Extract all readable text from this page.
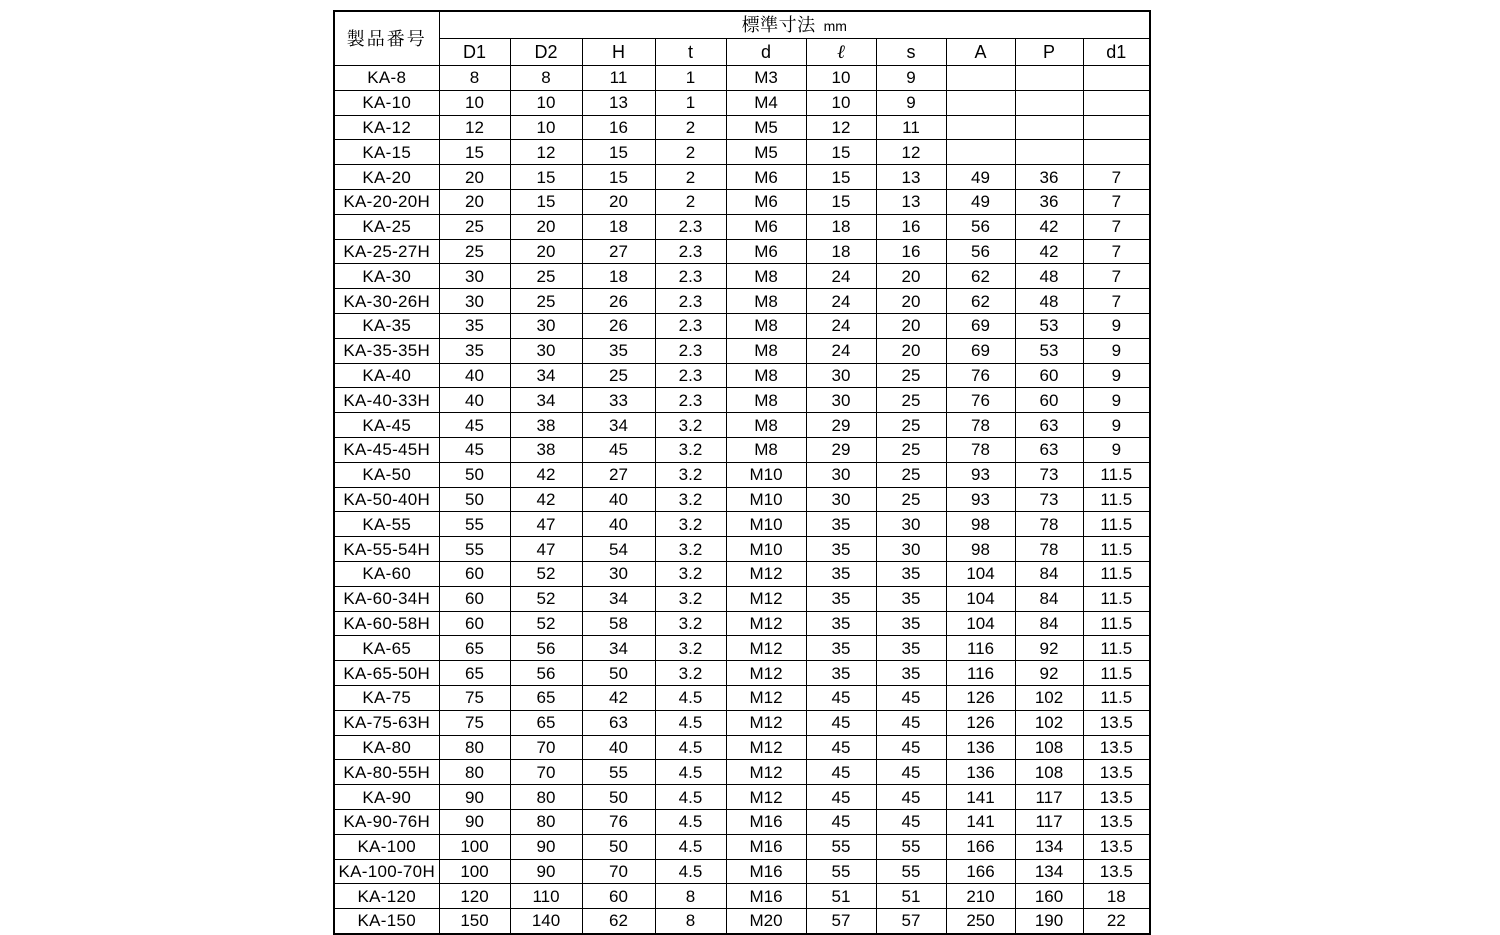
製品番号	標準寸法 mm									
	D1	D2	H	t	d	ℓ	s	A	P	d1
KA-8	8	8	11	1	M3	10	9			
KA-10	10	10	13	1	M4	10	9			
KA-12	12	10	16	2	M5	12	11			
KA-15	15	12	15	2	M5	15	12			
KA-20	20	15	15	2	M6	15	13	49	36	7
KA-20-20H	20	15	20	2	M6	15	13	49	36	7
KA-25	25	20	18	2.3	M6	18	16	56	42	7
KA-25-27H	25	20	27	2.3	M6	18	16	56	42	7
KA-30	30	25	18	2.3	M8	24	20	62	48	7
KA-30-26H	30	25	26	2.3	M8	24	20	62	48	7
KA-35	35	30	26	2.3	M8	24	20	69	53	9
KA-35-35H	35	30	35	2.3	M8	24	20	69	53	9
KA-40	40	34	25	2.3	M8	30	25	76	60	9
KA-40-33H	40	34	33	2.3	M8	30	25	76	60	9
KA-45	45	38	34	3.2	M8	29	25	78	63	9
KA-45-45H	45	38	45	3.2	M8	29	25	78	63	9
KA-50	50	42	27	3.2	M10	30	25	93	73	11.5
KA-50-40H	50	42	40	3.2	M10	30	25	93	73	11.5
KA-55	55	47	40	3.2	M10	35	30	98	78	11.5
KA-55-54H	55	47	54	3.2	M10	35	30	98	78	11.5
KA-60	60	52	30	3.2	M12	35	35	104	84	11.5
KA-60-34H	60	52	34	3.2	M12	35	35	104	84	11.5
KA-60-58H	60	52	58	3.2	M12	35	35	104	84	11.5
KA-65	65	56	34	3.2	M12	35	35	116	92	11.5
KA-65-50H	65	56	50	3.2	M12	35	35	116	92	11.5
KA-75	75	65	42	4.5	M12	45	45	126	102	11.5
KA-75-63H	75	65	63	4.5	M12	45	45	126	102	13.5
KA-80	80	70	40	4.5	M12	45	45	136	108	13.5
KA-80-55H	80	70	55	4.5	M12	45	45	136	108	13.5
KA-90	90	80	50	4.5	M12	45	45	141	117	13.5
KA-90-76H	90	80	76	4.5	M16	45	45	141	117	13.5
KA-100	100	90	50	4.5	M16	55	55	166	134	13.5
KA-100-70H	100	90	70	4.5	M16	55	55	166	134	13.5
KA-120	120	110	60	8	M16	51	51	210	160	18
KA-150	150	140	62	8	M20	57	57	250	190	22
